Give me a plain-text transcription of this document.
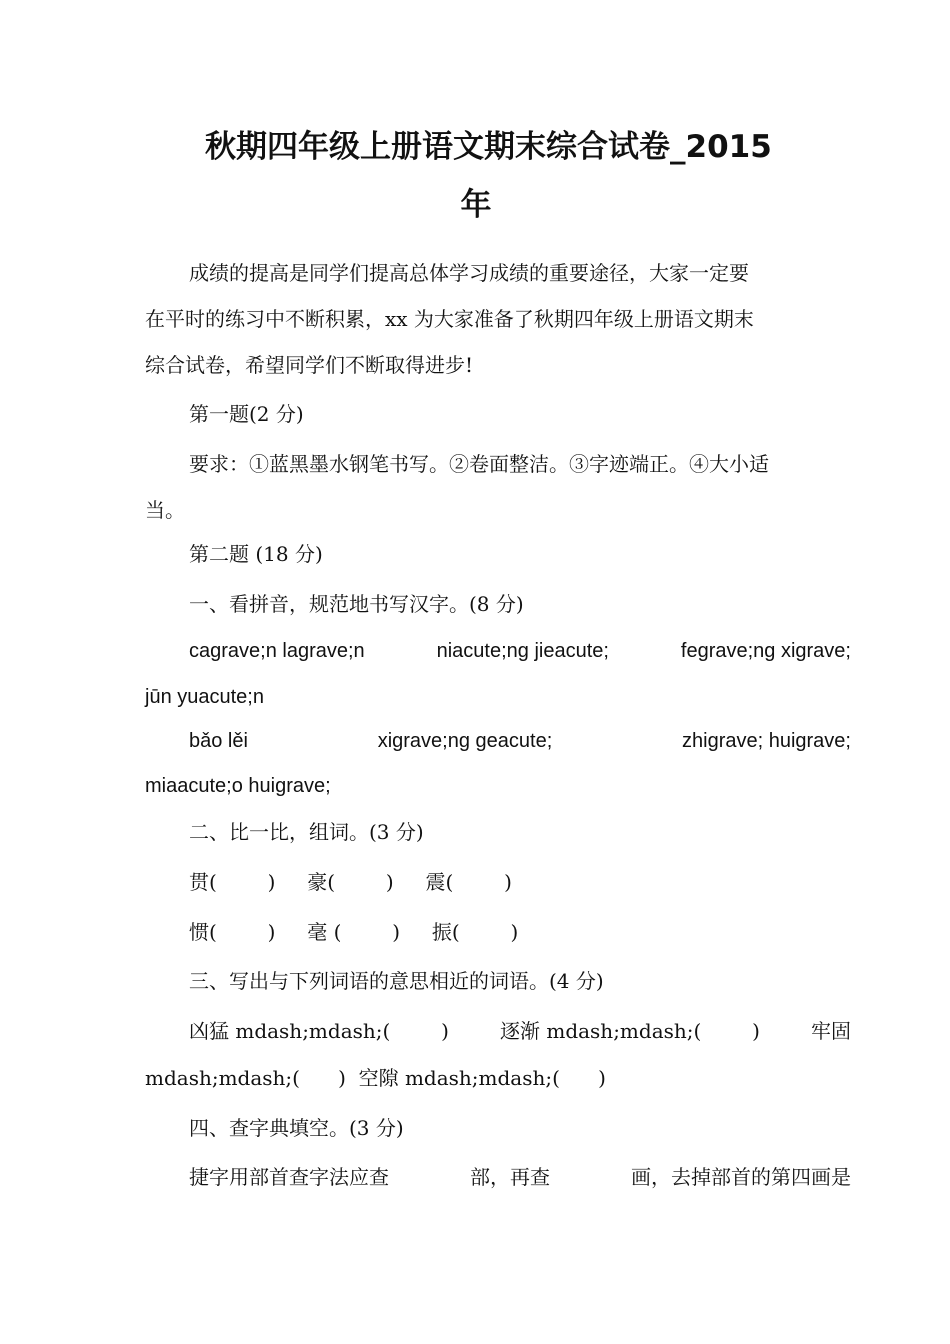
秋期四年级上册语文期末综合试卷_2015
年

成绩的提高是同学们提高总体学习成绩的重要途径，大家一定要

在平时的练习中不断积累，xx 为大家准备了秋期四年级上册语文期末

综合试卷，希望同学们不断取得进步!

第一题(2 分)

要求：①蓝黑墨水钢笔书写。②卷面整洁。③字迹端正。④大小适

当。

第二题 (18 分)

一、看拼音，规范地书写汉字。(8 分)

cagrave;n lagrave;n	niacute;ng jieacute;	fegrave;ng xigrave;

jūn yuacute;n

bǎo lěi	xigrave;ng geacute;	zhigrave; huigrave;

miaacute;o huigrave;

二、比一比，组词。(3 分)

贯(        )     豪(        )     震(        )

惯(        )     毫 (        )     振(        )

三、写出与下列词语的意思相近的词语。(4 分)

凶猛 mdash;mdash;(        )	逐渐 mdash;mdash;(        )	牢固

mdash;mdash;(      )  空隙 mdash;mdash;(      )

四、查字典填空。(3 分)

捷字用部首查字法应查	部，再查	画，去掉部首的第四画是
